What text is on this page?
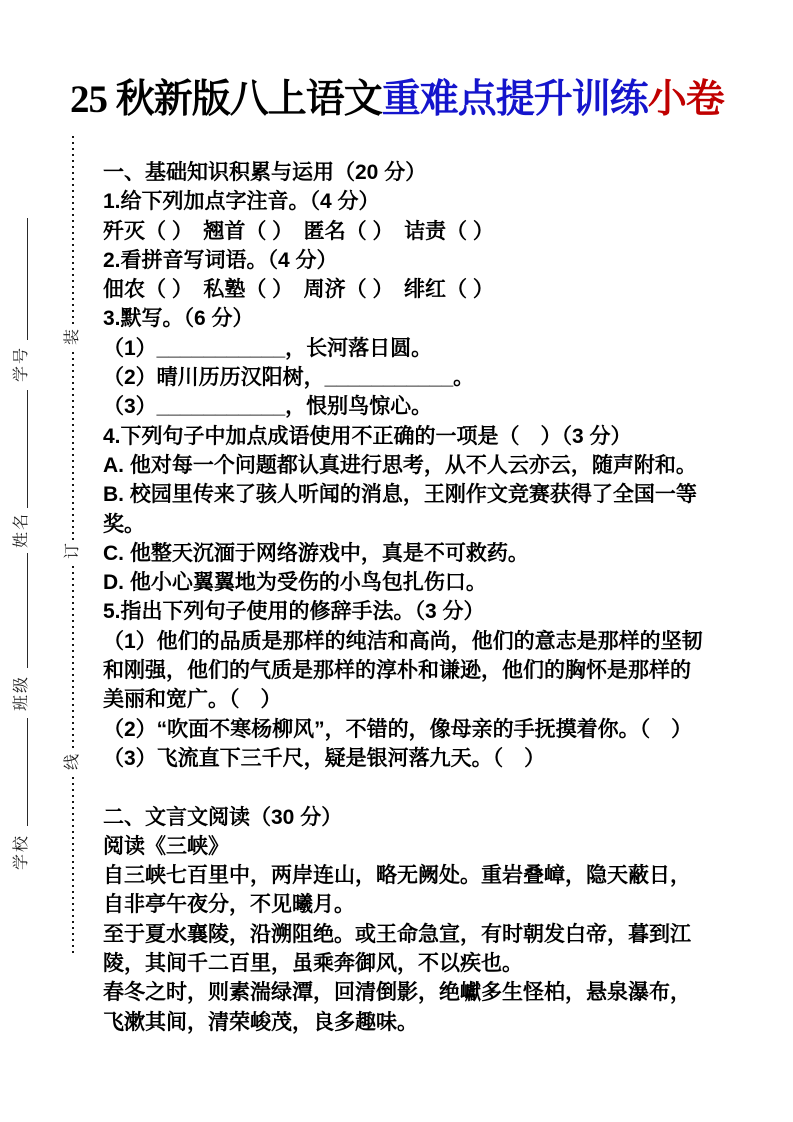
25 秋新版八上语文重难点提升训练小卷
学号
姓名
班级
学校
装
订
线
一、基础知识积累与运用（20 分）
1.给下列加点字注音。（4 分）
歼灭（ ）　翘首（ ）　匿名（ ）　诘责（ ）
2.看拼音写词语。（4 分）
佃农（ ）　私塾（ ）　周济（ ）　绯红（ ）
3.默写。（6 分）
（1）___________，长河落日圆。
（2）晴川历历汉阳树，___________。
（3）___________，恨别鸟惊心。
4.下列句子中加点成语使用不正确的一项是（　）（3 分）
A. 他对每一个问题都认真进行思考，从不人云亦云，随声附和。
B. 校园里传来了骇人听闻的消息，王刚作文竞赛获得了全国一等
奖。
C. 他整天沉湎于网络游戏中，真是不可救药。
D. 他小心翼翼地为受伤的小鸟包扎伤口。
5.指出下列句子使用的修辞手法。（3 分）
（1）他们的品质是那样的纯洁和高尚，他们的意志是那样的坚韧
和刚强，他们的气质是那样的淳朴和谦逊，他们的胸怀是那样的
美丽和宽广。（　）
（2）“吹面不寒杨柳风”，不错的，像母亲的手抚摸着你。（　）
（3）飞流直下三千尺，疑是银河落九天。（　）
二、文言文阅读（30 分）
阅读《三峡》
自三峡七百里中，两岸连山，略无阙处。重岩叠嶂，隐天蔽日，
自非亭午夜分，不见曦月。
至于夏水襄陵，沿溯阻绝。或王命急宣，有时朝发白帝，暮到江
陵，其间千二百里，虽乘奔御风，不以疾也。
春冬之时，则素湍绿潭，回清倒影，绝巘多生怪柏，悬泉瀑布，
飞漱其间，清荣峻茂，良多趣味。
